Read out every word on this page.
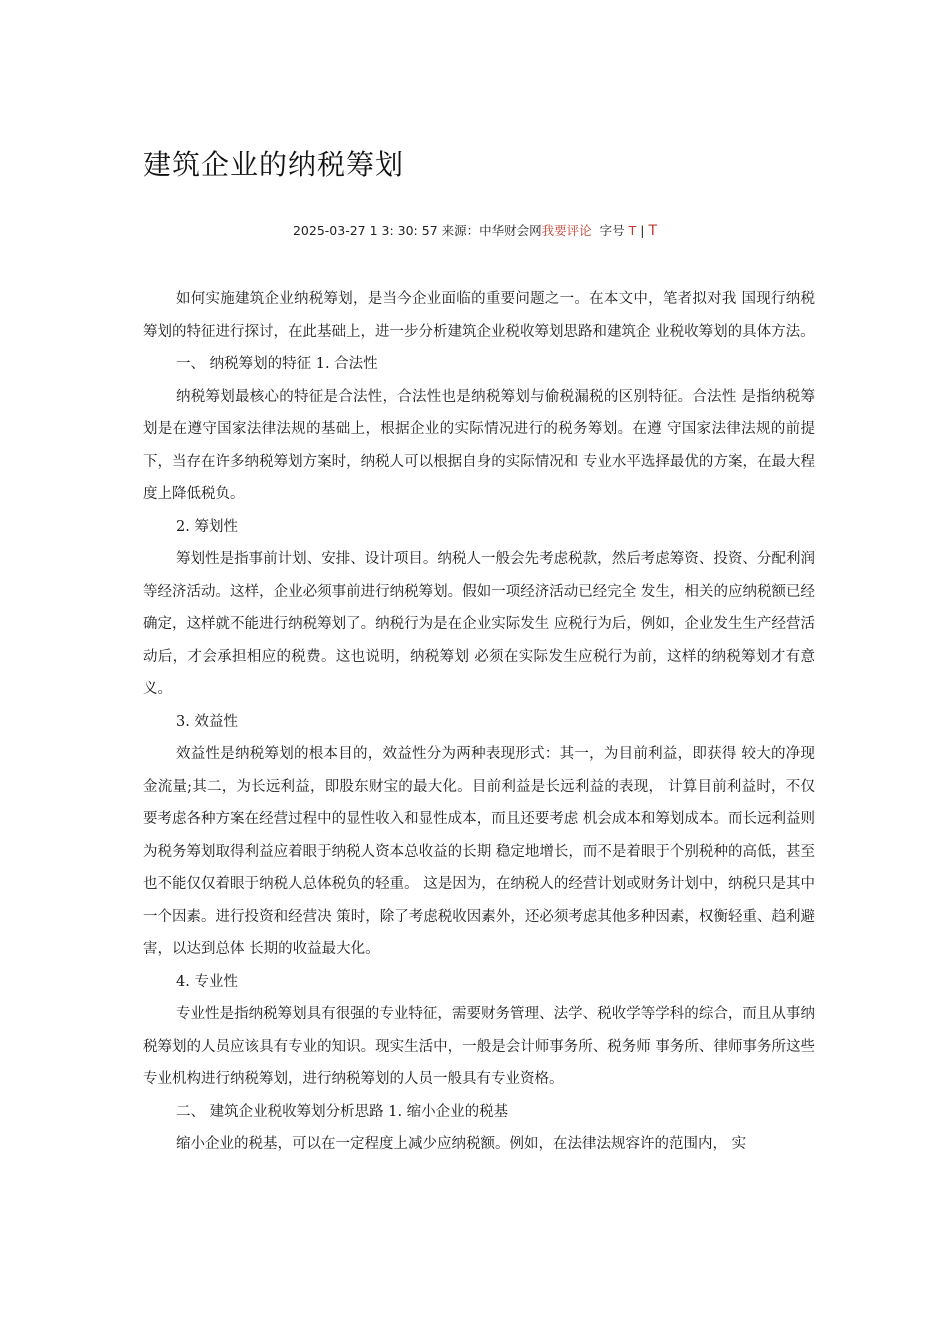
建筑企业的纳税筹划
2025-03-27 1 3: 30: 57 来源：中华财会网我要评论 字号 T | T

如何实施建筑企业纳税筹划，是当今企业面临的重要问题之一。在本文中，笔者拟对我 国现行纳税筹划的特征进行探讨，在此基础上，进一步分析建筑企业税收筹划思路和建筑企 业税收筹划的具体方法。

一、 纳税筹划的特征 1. 合法性

纳税筹划最核心的特征是合法性，合法性也是纳税筹划与偷税漏税的区别特征。合法性 是指纳税筹划是在遵守国家法律法规的基础上，根据企业的实际情况进行的税务筹划。在遵 守国家法律法规的前提下，当存在许多纳税筹划方案时，纳税人可以根据自身的实际情况和 专业水平选择最优的方案，在最大程度上降低税负。

2. 筹划性

筹划性是指事前计划、安排、设计项目。纳税人一般会先考虑税款，然后考虑筹资、投资、分配利润等经济活动。这样，企业必须事前进行纳税筹划。假如一项经济活动已经完全 发生，相关的应纳税额已经确定，这样就不能进行纳税筹划了。纳税行为是在企业实际发生 应税行为后，例如，企业发生生产经营活动后，才会承担相应的税费。这也说明，纳税筹划 必须在实际发生应税行为前，这样的纳税筹划才有意义。

3. 效益性

效益性是纳税筹划的根本目的，效益性分为两种表现形式：其一，为目前利益，即获得 较大的净现金流量;其二，为长远利益，即股东财宝的最大化。目前利益是长远利益的表现， 计算目前利益时，不仅要考虑各种方案在经营过程中的显性收入和显性成本，而且还要考虑 机会成本和筹划成本。而长远利益则为税务筹划取得利益应着眼于纳税人资本总收益的长期 稳定地增长，而不是着眼于个别税种的高低，甚至也不能仅仅着眼于纳税人总体税负的轻重。 这是因为，在纳税人的经营计划或财务计划中，纳税只是其中一个因素。进行投资和经营决 策时，除了考虑税收因素外，还必须考虑其他多种因素，权衡轻重、趋利避害，以达到总体 长期的收益最大化。

4. 专业性

专业性是指纳税筹划具有很强的专业特征，需要财务管理、法学、税收学等学科的综合，而且从事纳税筹划的人员应该具有专业的知识。现实生活中，一般是会计师事务所、税务师 事务所、律师事务所这些专业机构进行纳税筹划，进行纳税筹划的人员一般具有专业资格。

二、 建筑企业税收筹划分析思路 1. 缩小企业的税基

缩小企业的税基，可以在一定程度上减少应纳税额。例如，在法律法规容许的范围内， 实
